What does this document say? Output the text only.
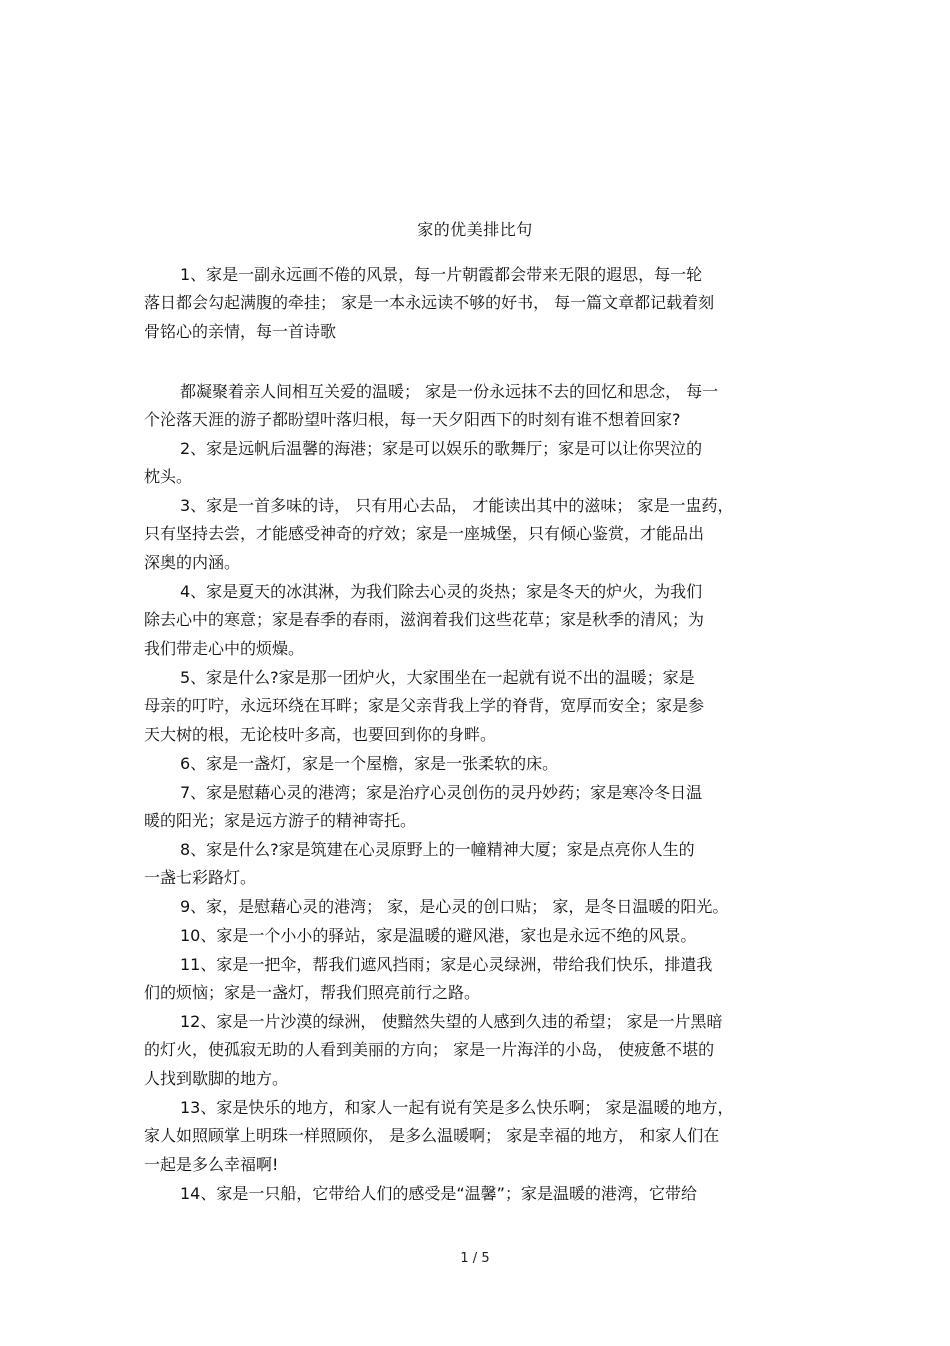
家的优美排比句
1、家是一副永远画不倦的风景，每一片朝霞都会带来无限的遐思，每一轮
落日都会勾起满腹的牵挂； 家是一本永远读不够的好书， 每一篇文章都记载着刻
骨铭心的亲情，每一首诗歌
都凝聚着亲人间相互关爱的温暖； 家是一份永远抹不去的回忆和思念， 每一
个沦落天涯的游子都盼望叶落归根，每一天夕阳西下的时刻有谁不想着回家?
2、家是远帆后温馨的海港；家是可以娱乐的歌舞厅；家是可以让你哭泣的
枕头。
3、家是一首多味的诗， 只有用心去品， 才能读出其中的滋味； 家是一盅药，
只有坚持去尝，才能感受神奇的疗效；家是一座城堡，只有倾心鉴赏，才能品出
深奥的内涵。
4、家是夏天的冰淇淋，为我们除去心灵的炎热；家是冬天的炉火，为我们
除去心中的寒意；家是春季的春雨，滋润着我们这些花草；家是秋季的清风；为
我们带走心中的烦燥。
5、家是什么?家是那一团炉火，大家围坐在一起就有说不出的温暖；家是
母亲的叮咛，永远环绕在耳畔；家是父亲背我上学的脊背，宽厚而安全；家是参
天大树的根，无论枝叶多高，也要回到你的身畔。
6、家是一盏灯，家是一个屋檐，家是一张柔软的床。
7、家是慰藉心灵的港湾；家是治疗心灵创伤的灵丹妙药；家是寒冷冬日温
暖的阳光；家是远方游子的精神寄托。
8、家是什么?家是筑建在心灵原野上的一幢精神大厦；家是点亮你人生的
一盏七彩路灯。
9、家，是慰藉心灵的港湾； 家，是心灵的创口贴； 家，是冬日温暖的阳光。
10、家是一个小小的驿站，家是温暖的避风港，家也是永远不绝的风景。
11、家是一把伞，帮我们遮风挡雨；家是心灵绿洲，带给我们快乐，排遣我
们的烦恼；家是一盏灯，帮我们照亮前行之路。
12、家是一片沙漠的绿洲， 使黯然失望的人感到久违的希望； 家是一片黑暗
的灯火，使孤寂无助的人看到美丽的方向； 家是一片海洋的小岛， 使疲惫不堪的
人找到歇脚的地方。
13、家是快乐的地方，和家人一起有说有笑是多么快乐啊； 家是温暖的地方，
家人如照顾掌上明珠一样照顾你， 是多么温暖啊； 家是幸福的地方， 和家人们在
一起是多么幸福啊!
14、家是一只船，它带给人们的感受是“温馨”；家是温暖的港湾，它带给
1 / 5
